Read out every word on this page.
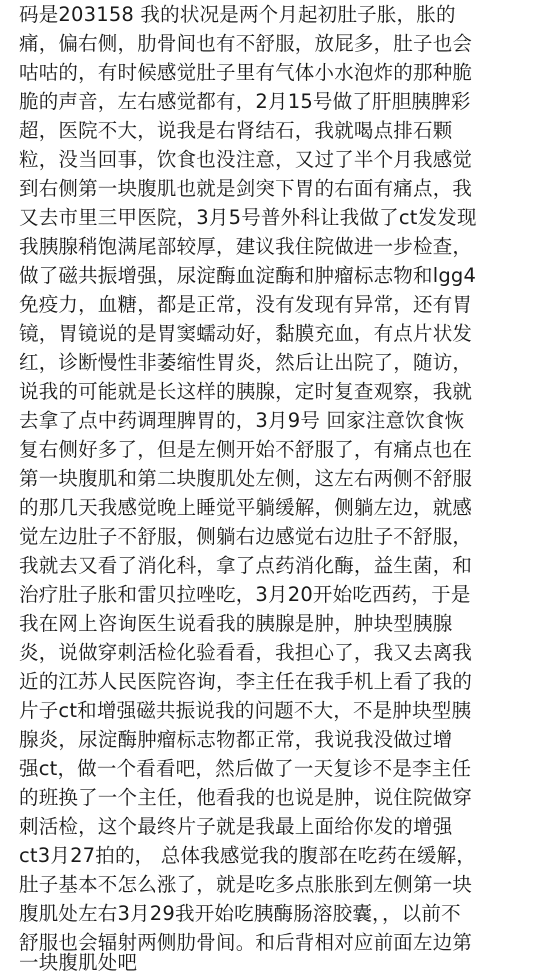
码是203158 我的状况是两个月起初肚子胀，胀的
痛，偏右侧，肋骨间也有不舒服，放屁多，肚子也会
咕咕的，有时候感觉肚子里有气体小水泡炸的那种脆
脆的声音，左右感觉都有，2月15号做了肝胆胰脾彩
超，医院不大，说我是右肾结石，我就喝点排石颗
粒，没当回事，饮食也没注意，又过了半个月我感觉
到右侧第一块腹肌也就是剑突下胃的右面有痛点，我
又去市里三甲医院，3月5号普外科让我做了ct发发现
我胰腺稍饱满尾部较厚，建议我住院做进一步检查，
做了磁共振增强，尿淀酶血淀酶和肿瘤标志物和lgg4
免疫力，血糖，都是正常，没有发现有异常，还有胃
镜，胃镜说的是胃窦蠕动好，黏膜充血，有点片状发
红，诊断慢性非萎缩性胃炎，然后让出院了，随访，
说我的可能就是长这样的胰腺，定时复查观察，我就
去拿了点中药调理脾胃的，3月9号 回家注意饮食恢
复右侧好多了，但是左侧开始不舒服了，有痛点也在
第一块腹肌和第二块腹肌处左侧，这左右两侧不舒服
的那几天我感觉晚上睡觉平躺缓解，侧躺左边，就感
觉左边肚子不舒服，侧躺右边感觉右边肚子不舒服，
我就去又看了消化科，拿了点药消化酶，益生菌，和
治疗肚子胀和雷贝拉唑吃，3月20开始吃西药，于是
我在网上咨询医生说看我的胰腺是肿，肿块型胰腺
炎，说做穿刺活检化验看看，我担心了，我又去离我
近的江苏人民医院咨询，李主任在我手机上看了我的
片子ct和增强磁共振说我的问题不大，不是肿块型胰
腺炎，尿淀酶肿瘤标志物都正常，我说我没做过增
强ct，做一个看看吧，然后做了一天复诊不是李主任
的班换了一个主任，他看我的也说是肿，说住院做穿
刺活检，这个最终片子就是我最上面给你发的增强
ct3月27拍的， 总体我感觉我的腹部在吃药在缓解，
肚子基本不怎么涨了，就是吃多点胀胀到左侧第一块
腹肌处左右3月29我开始吃胰酶肠溶胶囊，，以前不
舒服也会辐射两侧肋骨间。和后背相对应前面左边第
一块腹肌处吧
